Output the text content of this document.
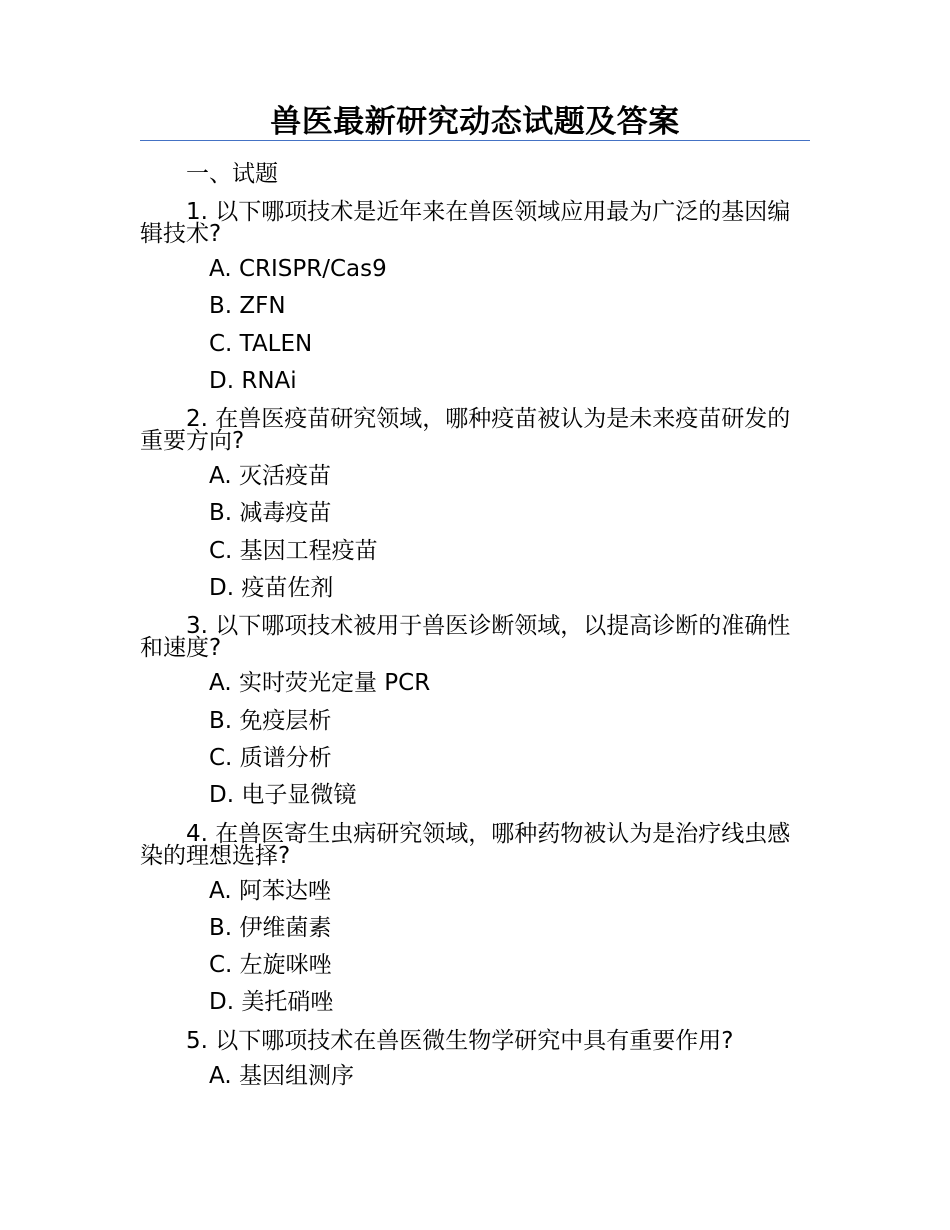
兽医最新研究动态试题及答案
一、试题
1. 以下哪项技术是近年来在兽医领域应用最为广泛的基因编辑技术?
A. CRISPR/Cas9
B. ZFN
C. TALEN
D. RNAi
2. 在兽医疫苗研究领域，哪种疫苗被认为是未来疫苗研发的重要方向?
A. 灭活疫苗
B. 减毒疫苗
C. 基因工程疫苗
D. 疫苗佐剂
3. 以下哪项技术被用于兽医诊断领域，以提高诊断的准确性和速度?
A. 实时荧光定量 PCR
B. 免疫层析
C. 质谱分析
D. 电子显微镜
4. 在兽医寄生虫病研究领域，哪种药物被认为是治疗线虫感染的理想选择?
A. 阿苯达唑
B. 伊维菌素
C. 左旋咪唑
D. 美托硝唑
5. 以下哪项技术在兽医微生物学研究中具有重要作用?
A. 基因组测序
